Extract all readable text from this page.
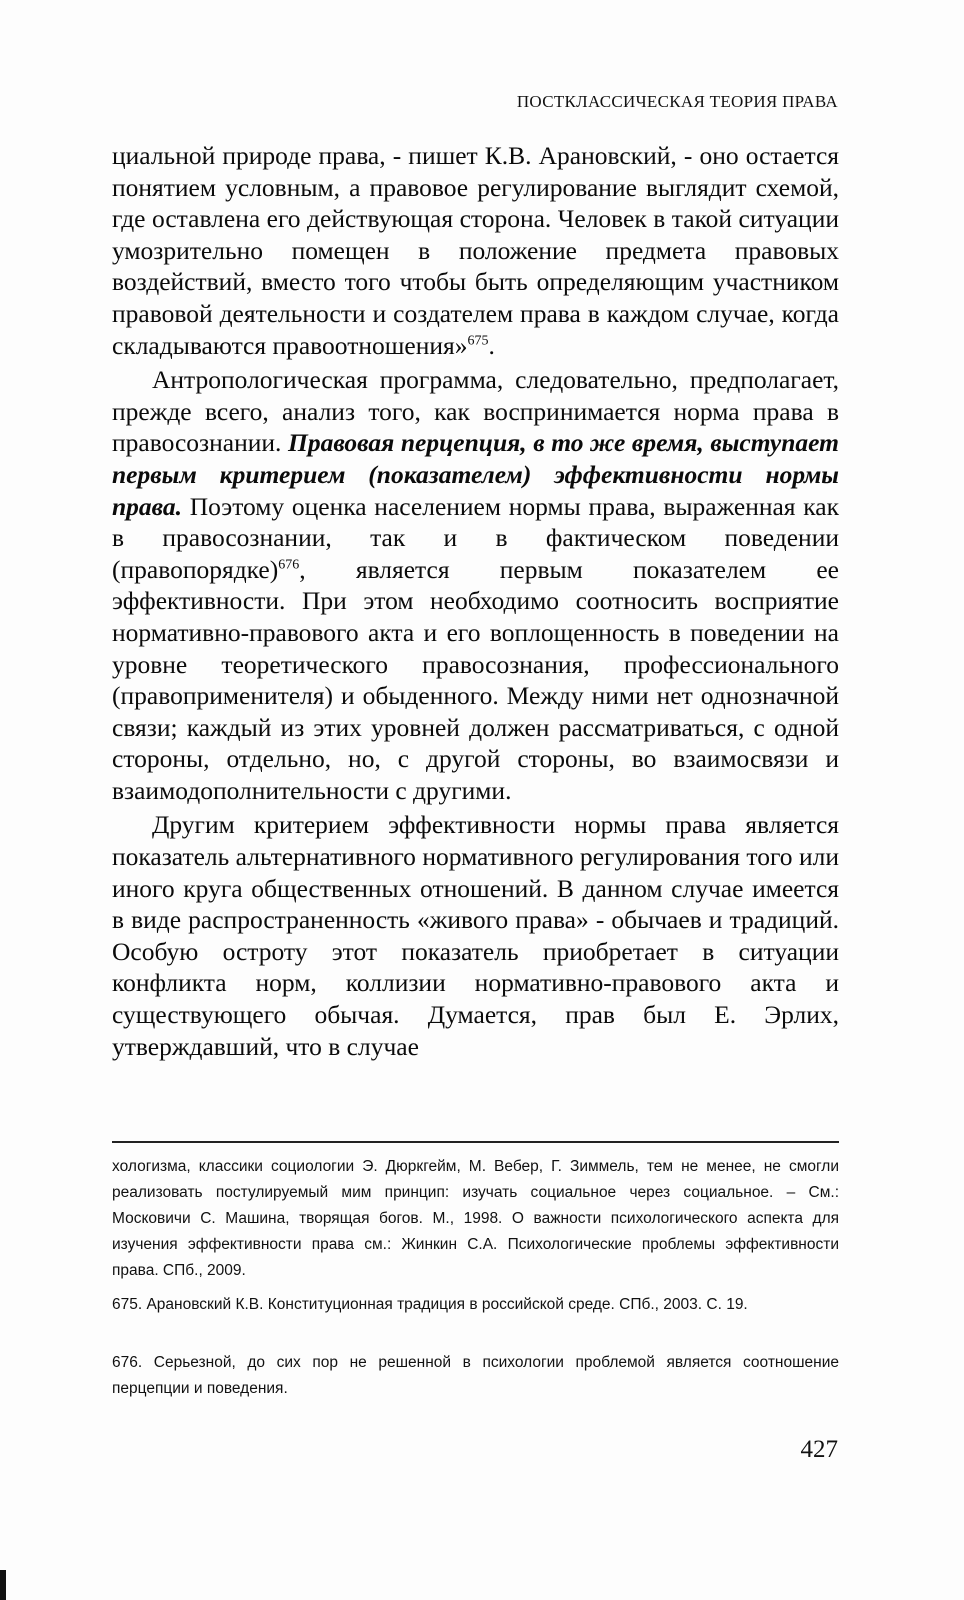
ПОСТКЛАССИЧЕСКАЯ ТЕОРИЯ ПРАВА

циальной природе права, - пишет К.В. Арановский, - оно остается понятием условным, а правовое регулирование выглядит схемой, где оставлена его действующая сторона. Человек в такой ситуации умозрительно помещен в положение предмета правовых воздействий, вместо того чтобы быть определяющим участником правовой деятельности и создателем права в каждом случае, когда складываются правоотношения»$^{675}$.

Антропологическая программа, следовательно, предполагает, прежде всего, анализ того, как воспринимается норма права в правосознании. Правовая перцепция, в то же время, выступает первым критерием (показателем) эффективности нормы права. Поэтому оценка населением нормы права, выраженная как в правосознании, так и в фактическом поведении (правопорядке)$^{676}$, является первым показателем ее эффективности. При этом необходимо соотносить восприятие нормативно-правового акта и его воплощенность в поведении на уровне теоретического правосознания, профессионального (правоприменителя) и обыденного. Между ними нет однозначной связи; каждый из этих уровней должен рассматриваться, с одной стороны, отдельно, но, с другой стороны, во взаимосвязи и взаимодополнительности с другими.

Другим критерием эффективности нормы права является показатель альтернативного нормативного регулирования того или иного круга общественных отношений. В данном случае имеется в виде распространенность «живого права» - обычаев и традиций. Особую остроту этот показатель приобретает в ситуации конфликта норм, коллизии нормативно-правового акта и существующего обычая. Думается, прав был Е. Эрлих, утверждавший, что в случае

хологизма, классики социологии Э. Дюркгейм, М. Вебер, Г. Зиммель, тем не менее, не смогли реализовать постулируемый мим принцип: изучать социальное через социальное. – См.: Московичи С. Машина, творящая богов. М., 1998. О важности психологического аспекта для изучения эффективности права см.: Жинкин С.А. Психологические проблемы эффективности права. СПб., 2009.
675. Арановский К.В. Конституционная традиция в российской среде. СПб., 2003. С. 19.
676. Серьезной, до сих пор не решенной в психологии проблемой является соотношение перцепции и поведения.
427
